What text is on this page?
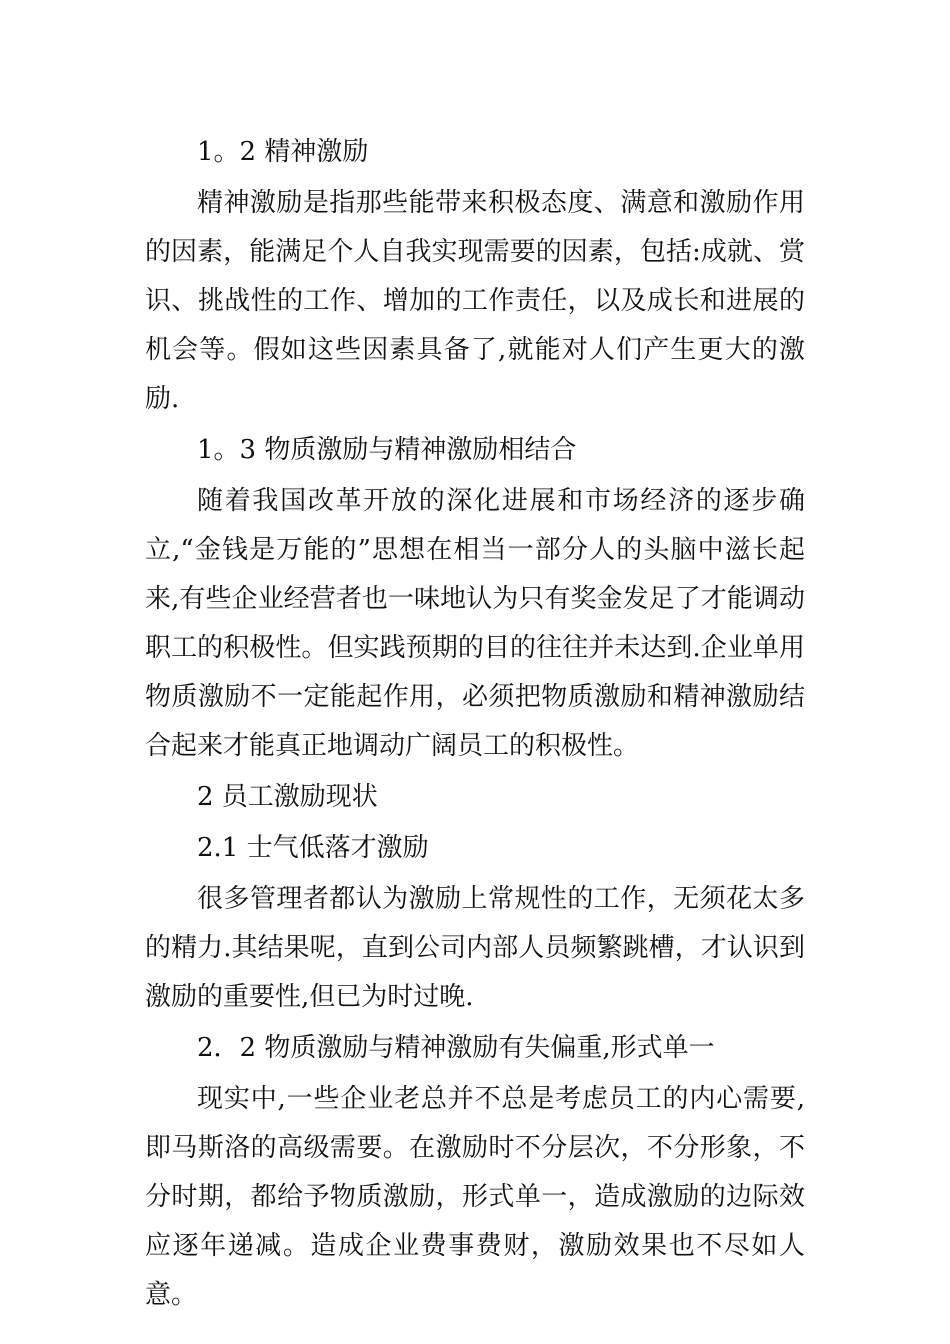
1。2 精神激励

精神激励是指那些能带来积极态度、满意和激励作用的因素，能满足个人自我实现需要的因素，包括:成就、赏识、挑战性的工作、增加的工作责任，以及成长和进展的机会等。假如这些因素具备了,就能对人们产生更大的激励.

1。3 物质激励与精神激励相结合

随着我国改革开放的深化进展和市场经济的逐步确立,“金钱是万能的”思想在相当一部分人的头脑中滋长起来,有些企业经营者也一味地认为只有奖金发足了才能调动职工的积极性。但实践预期的目的往往并未达到.企业单用物质激励不一定能起作用，必须把物质激励和精神激励结合起来才能真正地调动广阔员工的积极性。

2 员工激励现状

2.1 士气低落才激励

很多管理者都认为激励上常规性的工作，无须花太多的精力.其结果呢，直到公司内部人员频繁跳槽，才认识到激励的重要性,但已为时过晚.

2．2 物质激励与精神激励有失偏重,形式单一

现实中,一些企业老总并不总是考虑员工的内心需要,即马斯洛的高级需要。在激励时不分层次，不分形象，不分时期，都给予物质激励，形式单一，造成激励的边际效应逐年递减。造成企业费事费财，激励效果也不尽如人意。
